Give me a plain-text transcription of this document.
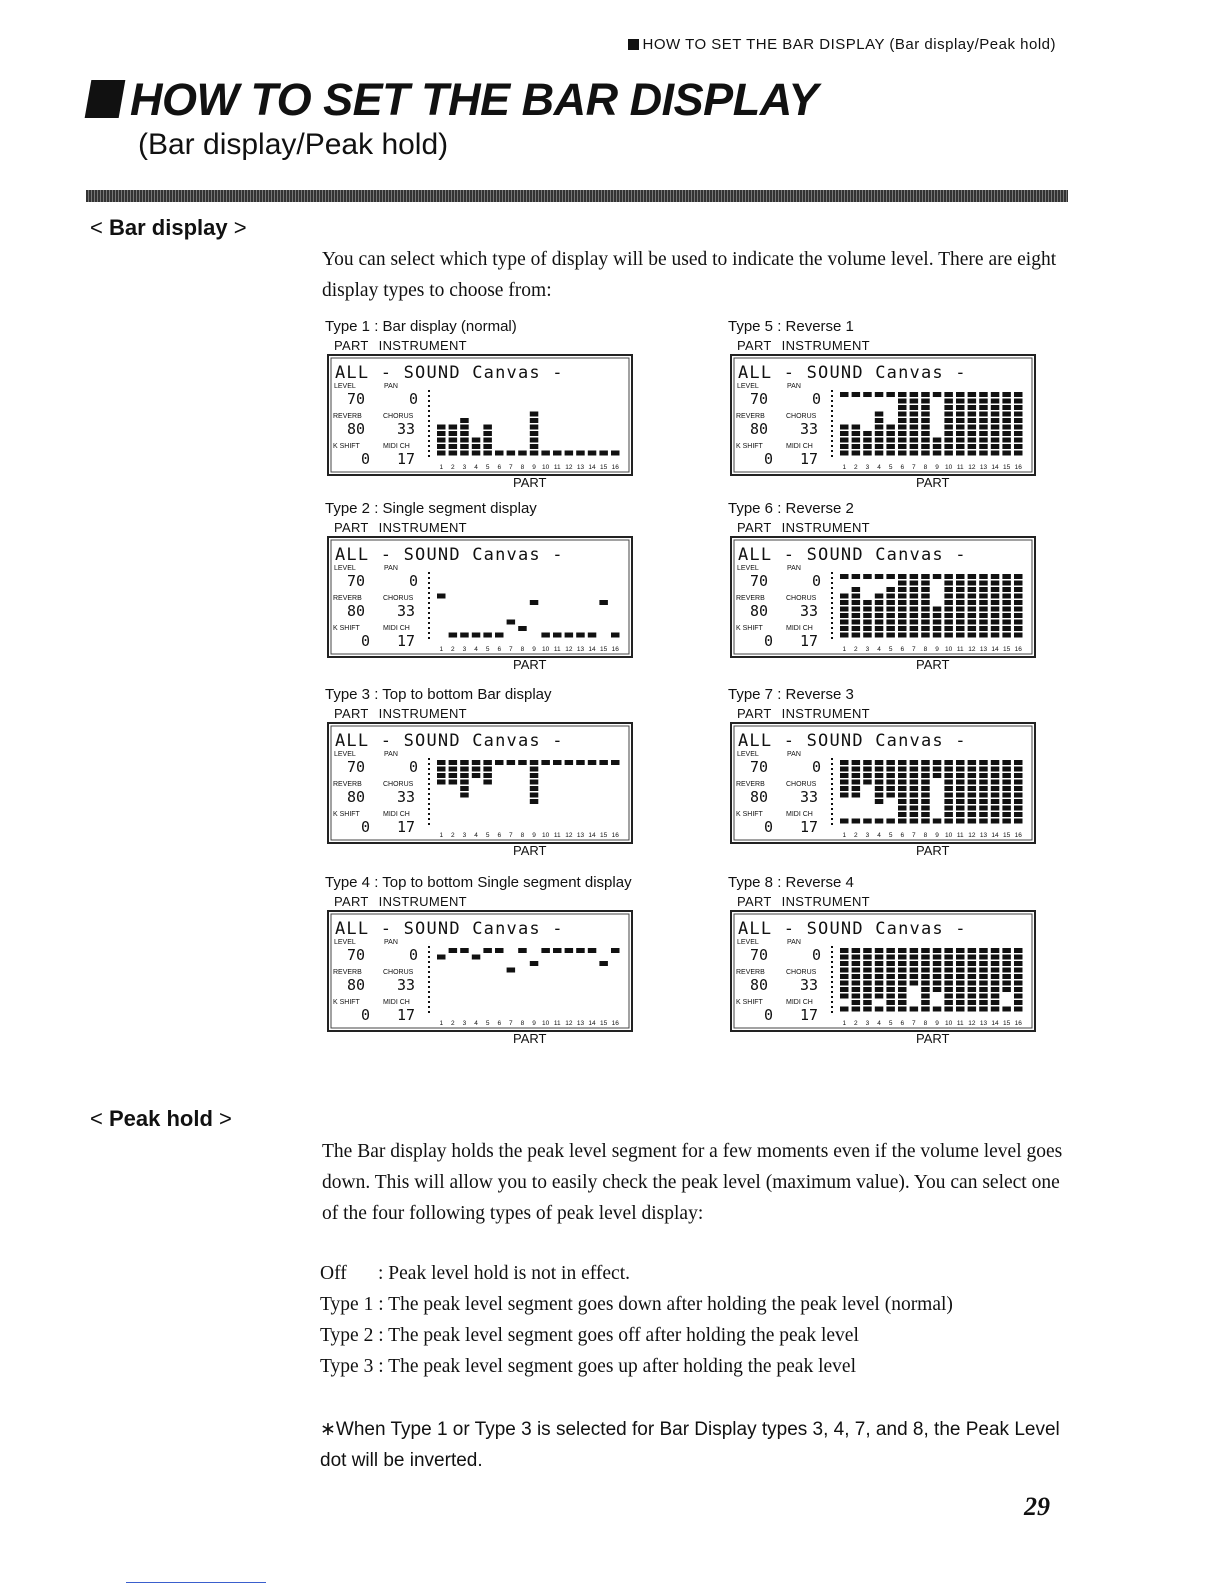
HOW TO SET THE BAR DISPLAY (Bar display/Peak hold)
HOW TO SET THE BAR DISPLAY
(Bar display/Peak hold)
< Bar display >
You can select which type of display will be used to indicate the volume level. There are eight display types to choose from:
Type 1 : Bar display (normal)
PART INSTRUMENT
ALL - SOUND Canvas -
LEVEL	PAN
70	0
REVERB	CHORUS
80 33
K SHIFT	MIDI CH
0 17	1 2 3 4 5 6 7 8 9 10 11 12 13 14 15 16
PART
Type 2 : Single segment display
PART INSTRUMENT
ALL - SOUND Canvas -
LEVEL	PAN
70	0
REVERB	CHORUS
80 33
K SHIFT	MIDI CH
0 17	1 2 3 4 5 6 7 8 9 10 11 12 13 14 15 16
PART
Type 3 : Top to bottom Bar display
PART INSTRUMENT
ALL - SOUND Canvas -
LEVEL	PAN
70	0
REVERB	CHORUS
80 33
K SHIFT	MIDI CH
0 17	1 2 3 4 5 6 7 8 9 10 11 12 13 14 15 16
PART
Type 4 : Top to bottom Single segment display
PART INSTRUMENT
ALL - SOUND Canvas -
LEVEL	PAN
70	0
REVERB	CHORUS
80 33
K SHIFT	MIDI CH
0 17	1 2 3 4 5 6 7 8 9 10 11 12 13 14 15 16
PART
Type 5 : Reverse 1
PART INSTRUMENT
ALL - SOUND Canvas -
LEVEL	PAN
70	0
REVERB	CHORUS
80 33
K SHIFT	MIDI CH
0 17	1 2 3 4 5 6 7 8 9 10 11 12 13 14 15 16
PART
Type 6 : Reverse 2
PART INSTRUMENT
ALL - SOUND Canvas -
LEVEL	PAN
70	0
REVERB	CHORUS
80 33
K SHIFT	MIDI CH
0 17	1 2 3 4 5 6 7 8 9 10 11 12 13 14 15 16
PART
Type 7 : Reverse 3
PART INSTRUMENT
ALL - SOUND Canvas -
LEVEL	PAN
70	0
REVERB	CHORUS
80 33
K SHIFT	MIDI CH
0 17	1 2 3 4 5 6 7 8 9 10 11 12 13 14 15 16
PART
Type 8 : Reverse 4
PART INSTRUMENT
ALL - SOUND Canvas -
LEVEL	PAN
70	0
REVERB	CHORUS
80 33
K SHIFT	MIDI CH
0 17	1 2 3 4 5 6 7 8 9 10 11 12 13 14 15 16
PART
< Peak hold >
The Bar display holds the peak level segment for a few moments even if the volume level goes down. This will allow you to easily check the peak level (maximum value). You can select one of the four following types of peak level display:
Off : Peak level hold is not in effect.
Type 1 : The peak level segment goes down after holding the peak level (normal)
Type 2 : The peak level segment goes off after holding the peak level
Type 3 : The peak level segment goes up after holding the peak level
∗When Type 1 or Type 3 is selected for Bar Display types 3, 4, 7, and 8, the Peak Level dot will be inverted.
29
